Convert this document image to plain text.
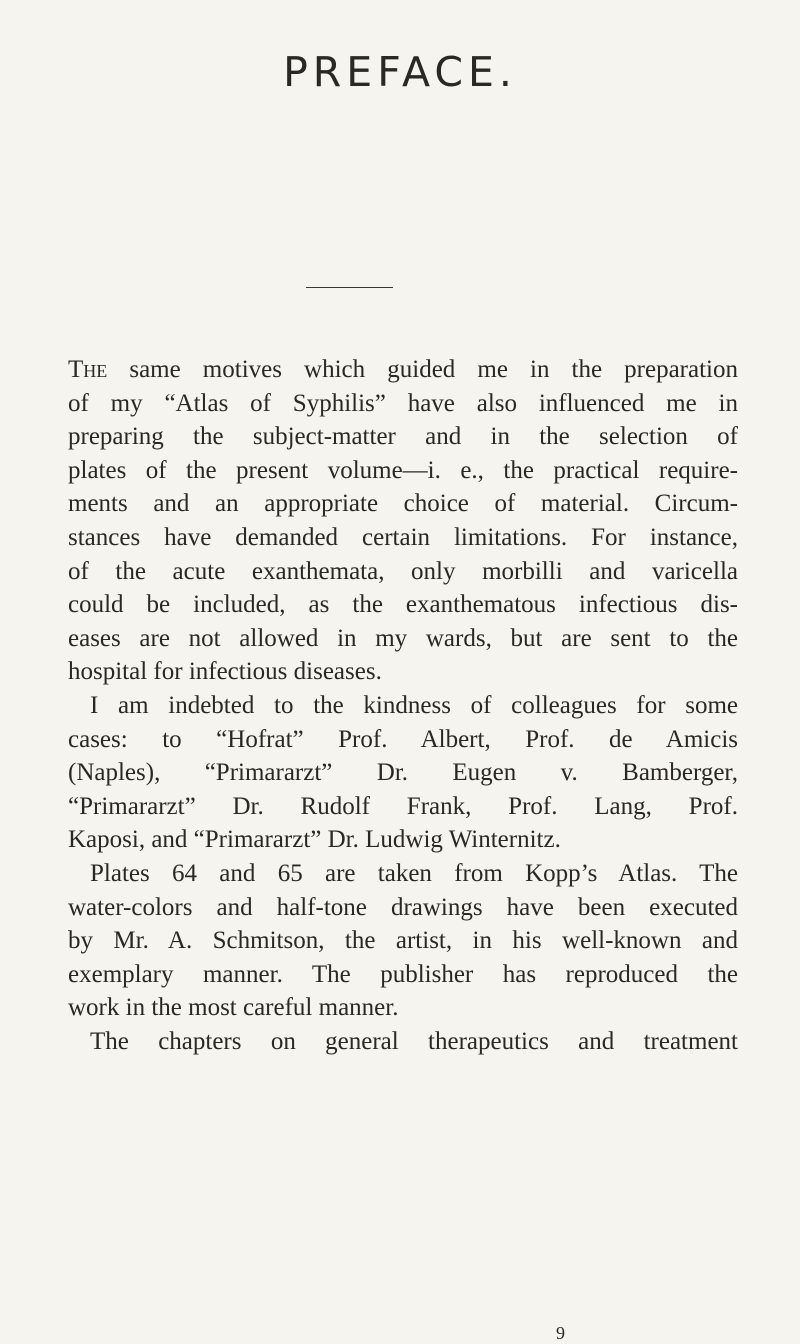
PREFACE.
The same motives which guided me in the preparation
of my “Atlas of Syphilis” have also influenced me in
preparing the subject-matter and in the selection of
plates of the present volume—i. e., the practical require-
ments and an appropriate choice of material. Circum-
stances have demanded certain limitations. For instance,
of the acute exanthemata, only morbilli and varicella
could be included, as the exanthematous infectious dis-
eases are not allowed in my wards, but are sent to the
hospital for infectious diseases.
I am indebted to the kindness of colleagues for some
cases: to “Hofrat” Prof. Albert, Prof. de Amicis
(Naples), “Primararzt” Dr. Eugen v. Bamberger,
“Primararzt” Dr. Rudolf Frank, Prof. Lang, Prof.
Kaposi, and “Primararzt” Dr. Ludwig Winternitz.
Plates 64 and 65 are taken from Kopp’s Atlas. The
water-colors and half-tone drawings have been executed
by Mr. A. Schmitson, the artist, in his well-known and
exemplary manner. The publisher has reproduced the
work in the most careful manner.
The chapters on general therapeutics and treatment
9
